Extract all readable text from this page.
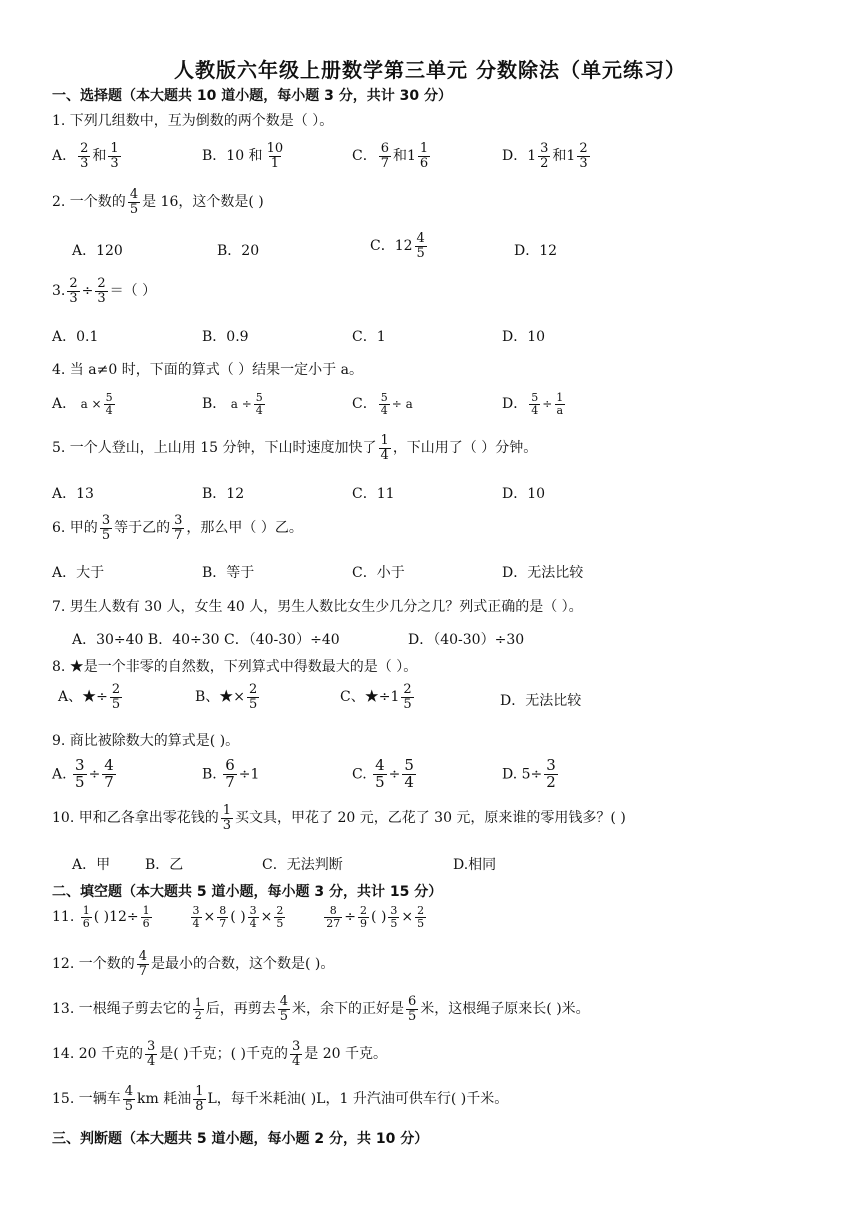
人教版六年级上册数学第三单元 分数除法（单元练习）
一、选择题（本大题共 10 道小题，每小题 3 分，共计 30 分）
1. 下列几组数中，互为倒数的两个数是（ ）。
A． $\frac{2}{3}$ 和 $\frac{1}{3}$	B．10 和 $\frac{10}{1}$	C． $\frac{6}{7}$ 和$1 \frac{1}{6}$	D．$1 \frac{3}{2}$ 和$1 \frac{2}{3}$
2. 一个数的 $\frac{4}{5}$ 是 16，这个数是( )
A．120	B．20	C．$12 \frac{4}{5}$	D．12
3. $\frac{2}{3} \div \frac{2}{3}$ ＝（ ）
A．0.1	B．0.9	C．1	D．10
4. 当 a≠0 时，下面的算式（ ）结果一定小于 a。
A． $a \times \frac{5}{4}$	B． $a \div \frac{5}{4}$	C． $\frac{5}{4} \div a$	D． $\frac{5}{4} \div \frac{1}{a}$
5. 一个人登山，上山用 15 分钟，下山时速度加快了 $\frac{1}{4}$ ，下山用了（ ）分钟。
A．13	B．12	C．11	D．10
6. 甲的 $\frac{3}{5}$ 等于乙的 $\frac{3}{7}$ ，那么甲（ ）乙。
A．大于	B．等于	C．小于	D．无法比较
7. 男生人数有 30 人，女生 40 人，男生人数比女生少几分之几？列式正确的是（ ）。
A．30÷40 B．40÷30 C．（40-30）÷40	D．（40-30）÷30
8. ★是一个非零的自然数，下列算式中得数最大的是（ ）。
A、★÷ $\frac{2}{5}$	B、★× $\frac{2}{5}$	C、★÷1 $\frac{2}{5}$	D．无法比较
9. 商比被除数大的算式是( )。
A. $\frac{3}{5} \div \frac{4}{7}$	B. $\frac{6}{7} \div 1$	C. $\frac{4}{5} \div \frac{5}{4}$	D. $5\div \frac{3}{2}$
10. 甲和乙各拿出零花钱的 $\frac{1}{3}$ 买文具，甲花了 20 元，乙花了 30 元，原来谁的零用钱多？( )
A．甲 B．乙	C．无法判断	D.相同
二、填空题（本大题共 5 道小题，每小题 3 分，共计 15 分）
11. $\frac{1}{6}$ ( )$12\div \frac{1}{6}$
	$\frac{3}{4} \times \frac{8}{7}$ ( ) $\frac{3}{4} \times \frac{2}{5}$
	$\frac{8}{27} \div \frac{2}{9}$ ( ) $\frac{3}{5} \times \frac{2}{5}$
12. 一个数的 $\frac{4}{7}$ 是最小的合数，这个数是( )。
13. 一根绳子剪去它的 $\frac{1}{2}$ 后，再剪去 $\frac{4}{5}$ 米，余下的正好是 $\frac{6}{5}$ 米，这根绳子原来长( )米。
14. 20 千克的 $\frac{3}{4}$ 是( )千克；( )千克的 $\frac{3}{4}$ 是 20 千克。
15. 一辆车 $\frac{4}{5}$ km 耗油 $\frac{1}{8}$ L，每千米耗油( )L，1 升汽油可供车行( )千米。
三、判断题（本大题共 5 道小题，每小题 2 分，共 10 分）
